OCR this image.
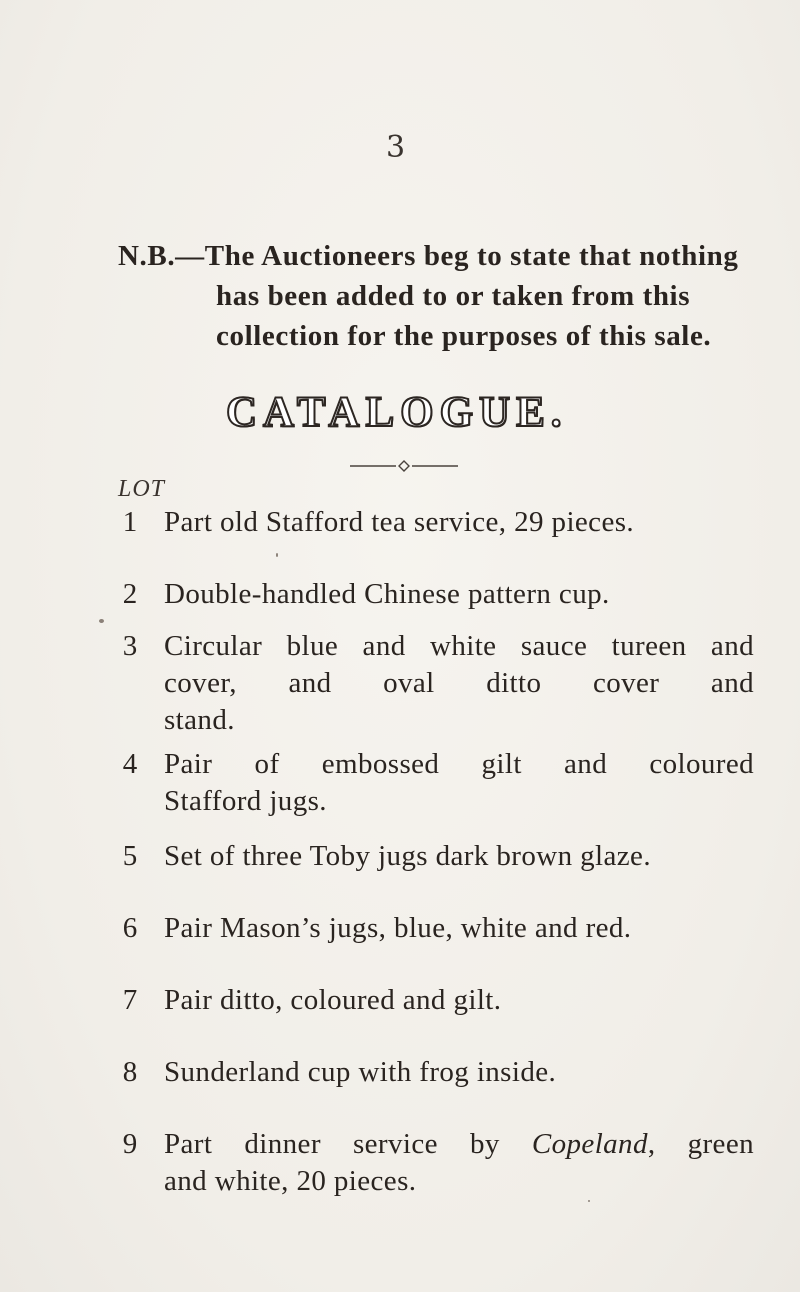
3
N.B.—The Auctioneers beg to state that nothing
has been added to or taken from this
collection for the purposes of this sale.
CATALOGUE.
LOT
1 Part old Stafford tea service, 29 pieces.
2 Double-handled Chinese pattern cup.
3 Circular blue and white sauce tureen and
cover, and oval ditto cover and
stand.
4 Pair of embossed gilt and coloured
Stafford jugs.
5 Set of three Toby jugs dark brown glaze.
6 Pair Mason’s jugs, blue, white and red.
7 Pair ditto, coloured and gilt.
8 Sunderland cup with frog inside.
9 Part dinner service by Copeland, green
and white, 20 pieces.
